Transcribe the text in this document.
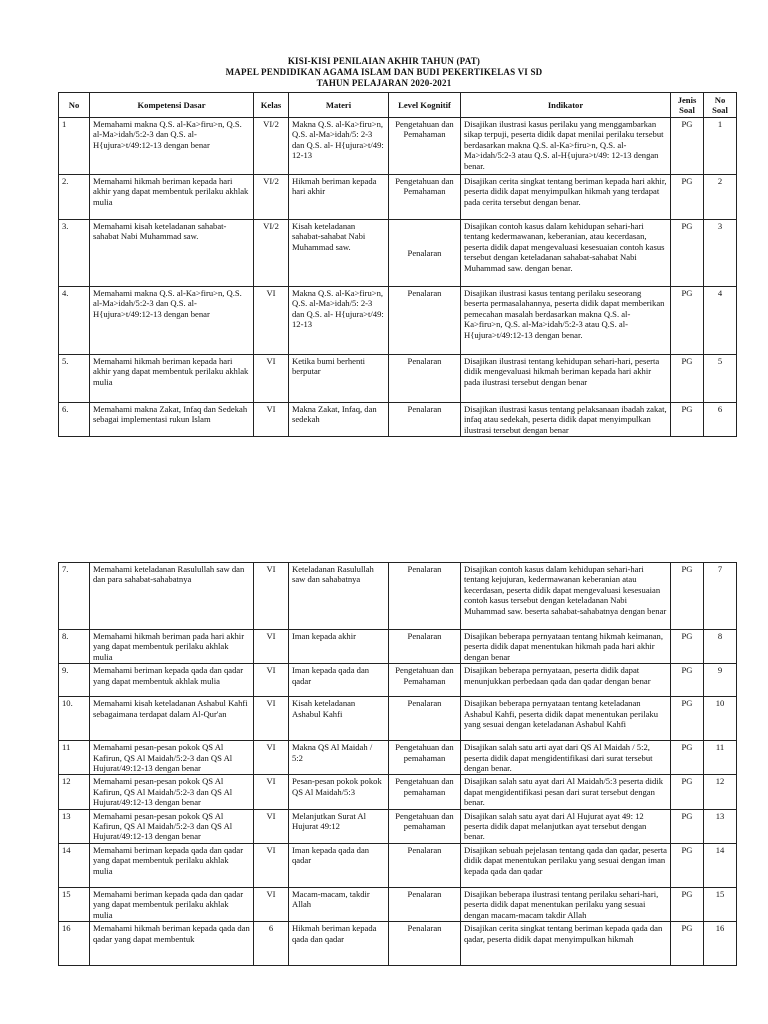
KISI-KISI PENILAIAN AKHIR TAHUN (PAT)
MAPEL PENDIDIKAN AGAMA ISLAM DAN BUDI PEKERTIKELAS VI SD
TAHUN PELAJARAN 2020-2021
No	Kompetensi Dasar	Kelas	Materi	Level Kognitif	Indikator	Jenis Soal	No Soal
1	Memahami makna Q.S. al-Ka>firu>n, Q.S. al-Ma>idah/5:2-3 dan Q.S. al-H{ujura>t/49:12-13 dengan benar	VI/2	Makna Q.S. al-Ka>firu>n, Q.S. al-Ma>idah/5: 2-3 dan Q.S. al- H{ujura>t/49: 12-13	Pengetahuan dan Pemahaman	Disajikan ilustrasi kasus perilaku yang menggambarkan sikap terpuji, peserta didik dapat menilai perilaku tersebut berdasarkan makna Q.S. al-Ka>firu>n, Q.S. al-Ma>idah/5:2-3 atau Q.S. al-H{ujura>t/49: 12-13 dengan benar.	PG	1
2.	Memahami hikmah beriman kepada hari akhir yang dapat membentuk perilaku akhlak mulia	VI/2	Hikmah beriman kepada hari akhir	Pengetahuan dan Pemahaman	Disajikan cerita singkat tentang beriman kepada hari akhir, peserta didik dapat menyimpulkan hikmah yang terdapat pada cerita tersebut dengan benar.	PG	2
3.	Memahami kisah keteladanan sahabat-sahabat Nabi Muhammad saw.	VI/2	Kisah keteladanan sahabat-sahabat Nabi Muhammad saw.	Penalaran	Disajikan contoh kasus dalam kehidupan sehari-hari tentang kedermawanan, keberanian, atau kecerdasan, peserta didik dapat mengevaluasi kesesuaian contoh kasus tersebut dengan keteladanan sahabat-sahabat Nabi Muhammad saw. dengan benar.	PG	3
4.	Memahami makna Q.S. al-Ka>firu>n, Q.S. al-Ma>idah/5:2-3 dan Q.S. al-H{ujura>t/49:12-13 dengan benar	VI	Makna Q.S. al-Ka>firu>n, Q.S. al-Ma>idah/5: 2-3 dan Q.S. al- H{ujura>t/49: 12-13	Penalaran	Disajikan ilustrasi kasus tentang perilaku seseorang beserta permasalahannya, peserta didik dapat memberikan pemecahan masalah berdasarkan makna Q.S. al-Ka>firu>n, Q.S. al-Ma>idah/5:2-3 atau Q.S. al-H{ujura>t/49:12-13 dengan benar.	PG	4
5.	Memahami hikmah beriman kepada hari akhir yang dapat membentuk perilaku akhlak mulia	VI	Ketika bumi berhenti berputar	Penalaran	Disajikan ilustrasi tentang kehidupan sehari-hari, peserta didik mengevaluasi hikmah beriman kepada hari akhir pada ilustrasi tersebut dengan benar	PG	5
6.	Memahami makna Zakat, Infaq dan Sedekah sebagai implementasi rukun Islam	VI	Makna Zakat, Infaq, dan sedekah	Penalaran	Disajikan ilustrasi kasus tentang pelaksanaan ibadah zakat, infaq atau sedekah, peserta didik dapat menyimpulkan ilustrasi tersebut dengan benar	PG	6
7.	Memahami keteladanan Rasulullah saw dan dan para sahabat-sahabatnya	VI	Keteladanan Rasulullah saw dan sahabatnya	Penalaran	Disajikan contoh kasus dalam kehidupan sehari-hari tentang kejujuran, kedermawanan keberanian atau kecerdasan, peserta didik dapat mengevaluasi kesesuaian contoh kasus tersebut dengan keteladanan Nabi Muhammad saw. beserta sahabat-sahabatnya dengan benar	PG	7
8.	Memahami hikmah beriman pada hari akhir yang dapat membentuk perilaku akhlak mulia	VI	Iman kepada akhir	Penalaran	Disajikan beberapa pernyataan tentang hikmah keimanan, peserta didik dapat menentukan hikmah pada hari akhir dengan benar	PG	8
9.	Memahami beriman kepada qada dan qadar yang dapat membentuk akhlak mulia	VI	Iman kepada qada dan qadar	Pengetahuan dan Pemahaman	Disajikan beberapa pernyataan, peserta didik dapat menunjukkan perbedaan qada dan qadar dengan benar	PG	9
10.	Memahami kisah keteladanan Ashabul Kahfi sebagaimana terdapat dalam Al-Qur'an	VI	Kisah keteladanan Ashabul Kahfi	Penalaran	Disajikan beberapa pernyataan tentang keteladanan Ashabul Kahfi, peserta didik dapat menentukan perilaku yang sesuai dengan keteladanan Ashabul Kahfi	PG	10
11	Memahami pesan-pesan pokok QS Al Kafirun, QS Al Maidah/5:2-3 dan QS Al Hujurat/49:12-13 dengan benar	VI	Makna QS Al Maidah / 5:2	Pengetahuan dan pemahaman	Disajikan salah satu arti ayat dari QS Al Maidah / 5:2, peserta didik dapat mengidentifikasi dari surat tersebut dengan benar.	PG	11
12	Memahami pesan-pesan pokok QS Al Kafirun, QS Al Maidah/5:2-3 dan QS Al Hujurat/49:12-13 dengan benar	VI	Pesan-pesan pokok pokok QS Al Maidah/5:3	Pengetahuan dan pemahaman	Disajikan salah satu ayat dari Al Maidah/5:3 peserta didik dapat mengidentifikasi pesan dari surat tersebut dengan benar.	PG	12
13	Memahami pesan-pesan pokok QS Al Kafirun, QS Al Maidah/5:2-3 dan QS Al Hujurat/49:12-13 dengan benar	VI	Melanjutkan Surat Al Hujurat 49:12	Pengetahuan dan pemahaman	Disajikan salah satu ayat dari Al Hujurat ayat 49: 12 peserta didik dapat melanjutkan ayat tersebut dengan benar.	PG	13
14	Memahami beriman kepada qada dan qadar yang dapat membentuk perilaku akhlak mulia	VI	Iman kepada qada dan qadar	Penalaran	Disajikan sebuah pejelasan tentang qada dan qadar, peserta didik dapat menentukan perilaku yang sesuai dengan iman kepada qada dan qadar	PG	14
15	Memahami beriman kepada qada dan qadar yang dapat membentuk perilaku akhlak mulia	VI	Macam-macam, takdir Allah	Penalaran	Disajikan beberapa ilustrasi tentang perilaku sehari-hari, peserta didik dapat menentukan perilaku yang sesuai dengan macam-macam takdir Allah	PG	15
16	Memahami hikmah beriman kepada qada dan qadar yang dapat membentuk	6	Hikmah beriman kepada qada dan qadar	Penalaran	Disajikan cerita singkat tentang beriman kepada qada dan qadar, peserta didik dapat menyimpulkan hikmah	PG	16
